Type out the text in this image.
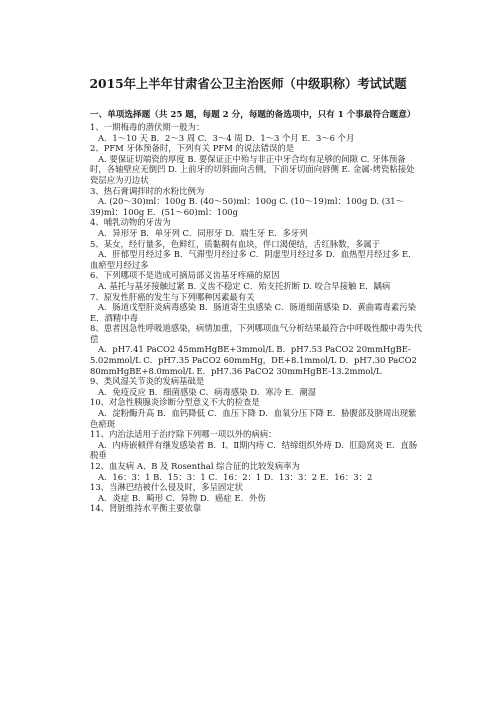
2015年上半年甘肃省公卫主治医师（中级职称）考试试题
一、单项选择题（共 25 题，每题 2 分，每题的备选项中，只有 1 个事最符合题意）

1、一期梅毒的潜伏期一般为：

A．1～10 天 B．2～3 周 C．3～4 周 D．1～3 个月 E．3～6 个月

2、PFM 牙体预备时，下列有关 PFM 的说法错误的是

A. 要保证切端瓷的厚度 B. 要保证正中殆与非正中牙合均有足够的间隙 C. 牙体预备时，各轴壁应无倒凹 D. 上前牙的切斜面向舌侧，下前牙切面向唇侧 E. 金属-烤瓷粘接处瓷层应为刃边状

3、热石膏调拌时的水粉比例为

A. (20～30)ml：100g B. (40～50)ml：100g C. (10～19)ml：100g D. (31～39)ml：100g E．(51～60)ml：100g

4、哺乳动物的牙齿为

A．异形牙 B．单牙列 C．同形牙 D．端生牙 E．多牙列

5、某女，经行量多，色鲜红，质黏稠有血块，伴口渴便结，舌红脉数，多属于

A．肝郁型月经过多 B．气滞型月经过多 C．阴虚型月经过多 D．血热型月经过多 E．血瘀型月经过多

6、下列哪项不是造成可摘局部义齿基牙疼痛的原因

A. 基托与基牙接触过紧 B. 义齿不稳定 C．殆支托折断 D. 咬合早接触 E．龋病

7、原发性肝癌的发生与下列哪种因素最有关

A．肠道戊型肝炎病毒感染 B．肠道寄生虫感染 C．肠道细菌感染 D．黄曲霉毒素污染 E．酒精中毒

8、患者因急性呼吸道感染，病情加重，下列哪项血气分析结果最符合中呼吸性酸中毒失代偿

A．pH7.41 PaCO2 45mmHgBE+3mmol/L B．pH7.53 PaCO2 20mmHgBE-5.02mmol/L C．pH7.35 PaCO2 60mmHg，DE+8.1mmol/L D．pH7.30 PaCO2 80mmHgBE+8.0mmol/L E．pH7.36 PaCO2 30mmHgBE-13.2mmol/L

9、类风湿关节炎的发病基础是

A．免疫反应 B．细菌感染 C．病毒感染 D．寒冷 E．潮湿

10、对急性胰腺炎诊断分型意义不大的检查是

A．淀粉酶升高 B．血钙降低 C．血压下降 D．血氧分压下降 E．胁腹部及脐周出现紫色瘀斑

11、内治法适用于治疗除下列哪一项以外的病病：

A．内痔嵌顿伴有继发感染者 B．I、Ⅱ期内痔 C．结缔组织外痔 D．肛隐窝炎 E．直肠脱垂

12、血友病 A、B 及 Rosenthal 综合征的比较发病率为

A．16：3：1 B．15：3：1 C．16：2：1 D．13：3：2 E．16：3：2

13、当淋巴结被什么侵及时，多呈固定状

A．炎症 B．畸形 C．异物 D．癌症 E．外伤

14、肾脏维持水平衡主要依靠
